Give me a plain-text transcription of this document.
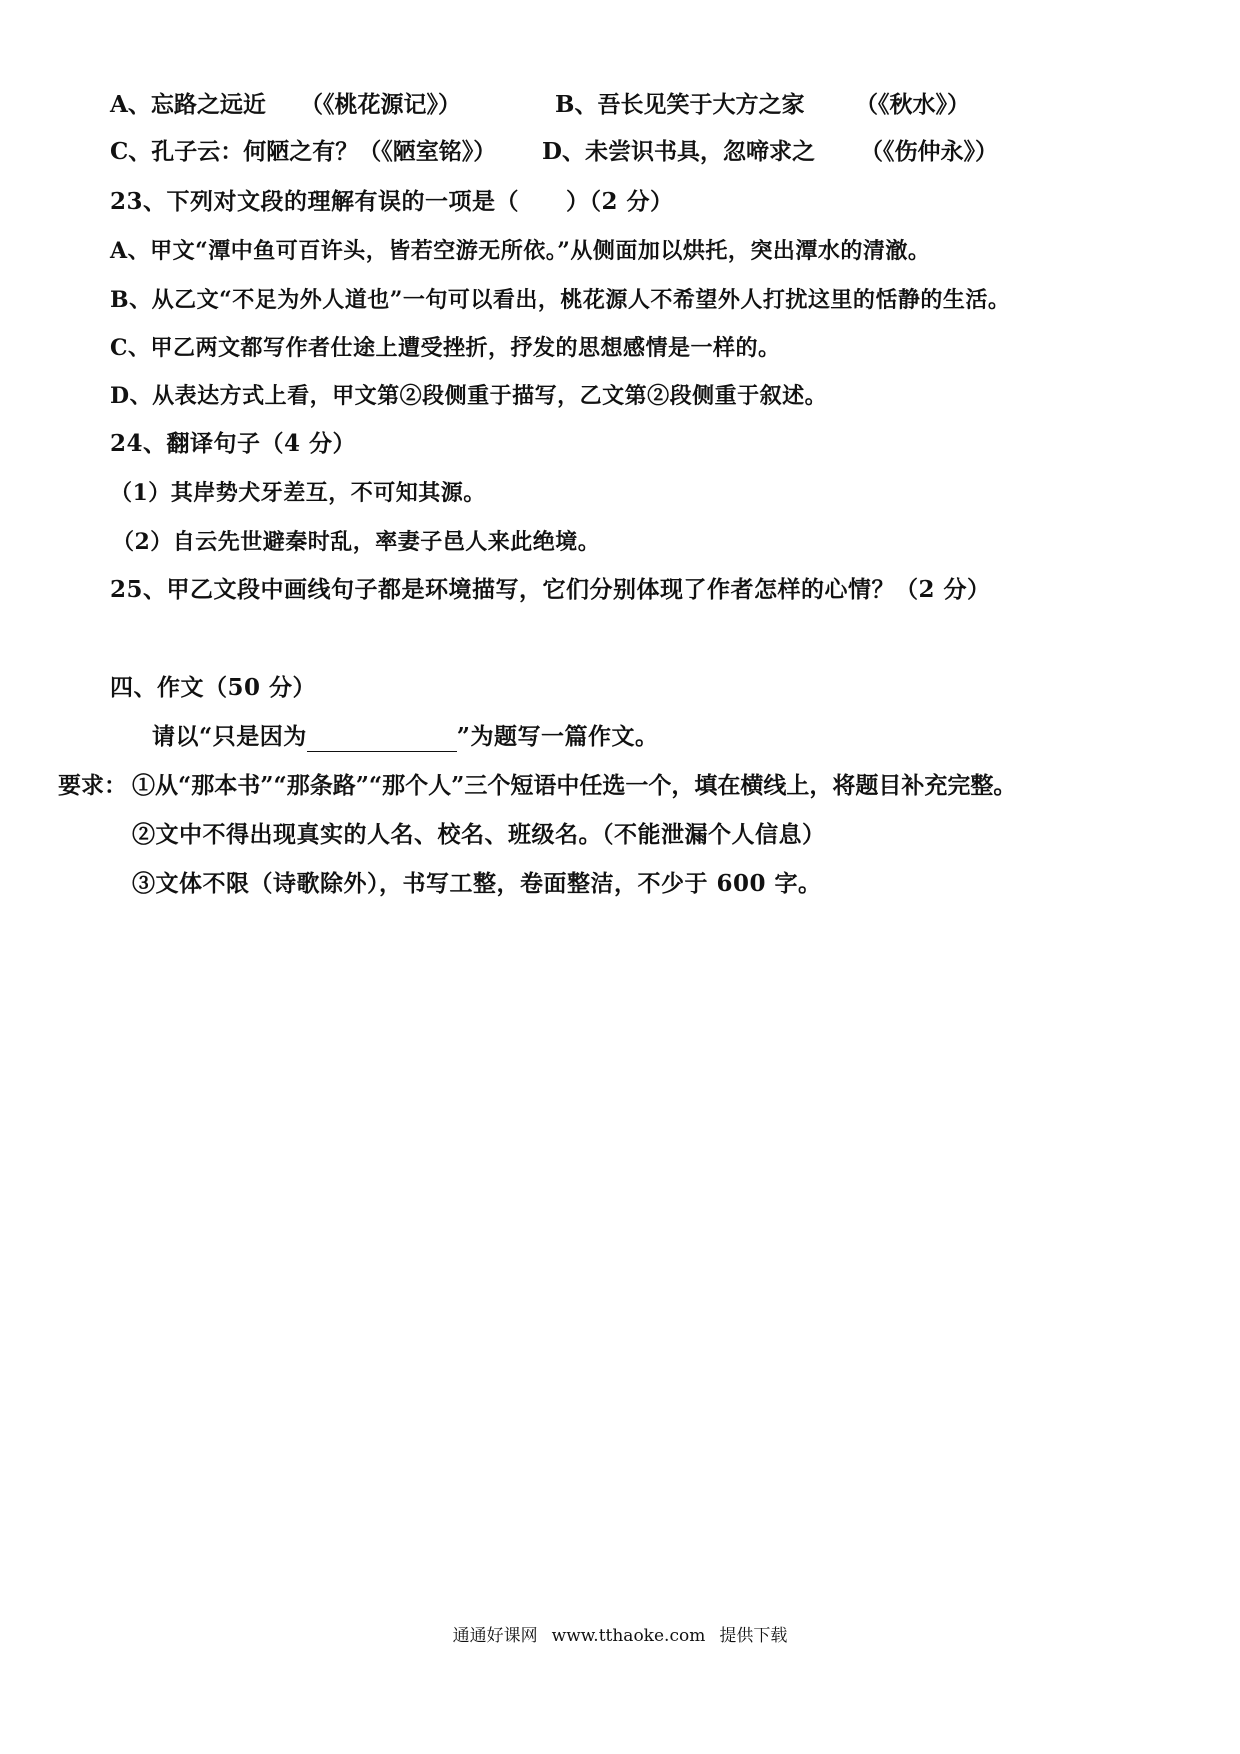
A、忘路之远近 （《桃花源记》）	B、吾长见笑于大方之家 （《秋水》）
C、孔子云：何陋之有？（《陋室铭》） D、未尝识书具，忽啼求之 （《伤仲永》）
23、下列对文段的理解有误的一项是（　　）（2 分）
A、甲文“潭中鱼可百许头，皆若空游无所依。”从侧面加以烘托，突出潭水的清澈。
B、从乙文“不足为外人道也”一句可以看出，桃花源人不希望外人打扰这里的恬静的生活。
C、甲乙两文都写作者仕途上遭受挫折，抒发的思想感情是一样的。
D、从表达方式上看，甲文第②段侧重于描写，乙文第②段侧重于叙述。
24、翻译句子（4 分）
（1）其岸势犬牙差互，不可知其源。
（2）自云先世避秦时乱，率妻子邑人来此绝境。
25、甲乙文段中画线句子都是环境描写，它们分别体现了作者怎样的心情？（2 分）
四、作文（50 分）
请以“只是因为	”为题写一篇作文。
要求： ①从“那本书”“那条路”“那个人”三个短语中任选一个，填在横线上，将题目补充完整。
②文中不得出现真实的人名、校名、班级名。（不能泄漏个人信息）
③文体不限（诗歌除外），书写工整，卷面整洁，不少于 600 字。
通通好课网 www.tthaoke.com 提供下载
